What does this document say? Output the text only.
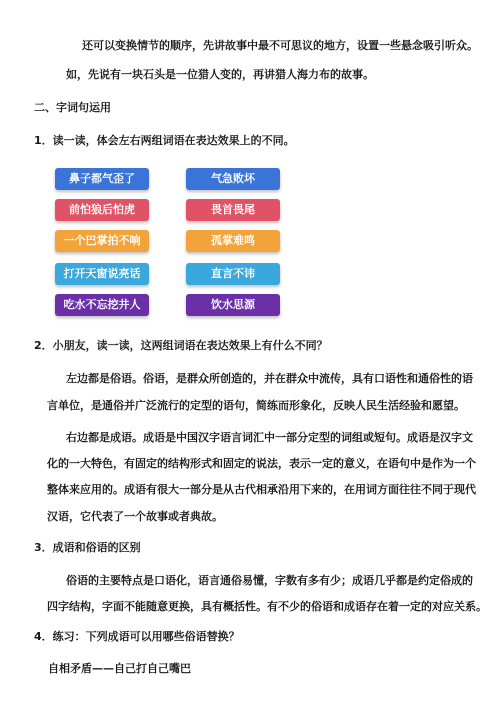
还可以变换情节的顺序，先讲故事中最不可思议的地方，设置一些悬念吸引听众。
如，先说有一块石头是一位猎人变的，再讲猎人海力布的故事。
二、字词句运用
1．读一读，体会左右两组词语在表达效果上的不同。
鼻子都气歪了
前怕狼后怕虎
一个巴掌拍不响
打开天窗说亮话
吃水不忘挖井人
气急败坏
畏首畏尾
孤掌难鸣
直言不讳
饮水思源
2．小朋友，读一读，这两组词语在表达效果上有什么不同？
左边都是俗语。俗语，是群众所创造的，并在群众中流传，具有口语性和通俗性的语
言单位，是通俗并广泛流行的定型的语句，简练而形象化，反映人民生活经验和愿望。
右边都是成语。成语是中国汉字语言词汇中一部分定型的词组或短句。成语是汉字文
化的一大特色，有固定的结构形式和固定的说法，表示一定的意义，在语句中是作为一个
整体来应用的。成语有很大一部分是从古代相承沿用下来的，在用词方面往往不同于现代
汉语，它代表了一个故事或者典故。
3．成语和俗语的区别
俗语的主要特点是口语化，语言通俗易懂，字数有多有少；成语几乎都是约定俗成的
四字结构，字面不能随意更换，具有概括性。有不少的俗语和成语存在着一定的对应关系。
4．练习：下列成语可以用哪些俗语替换？
自相矛盾——自己打自己嘴巴
